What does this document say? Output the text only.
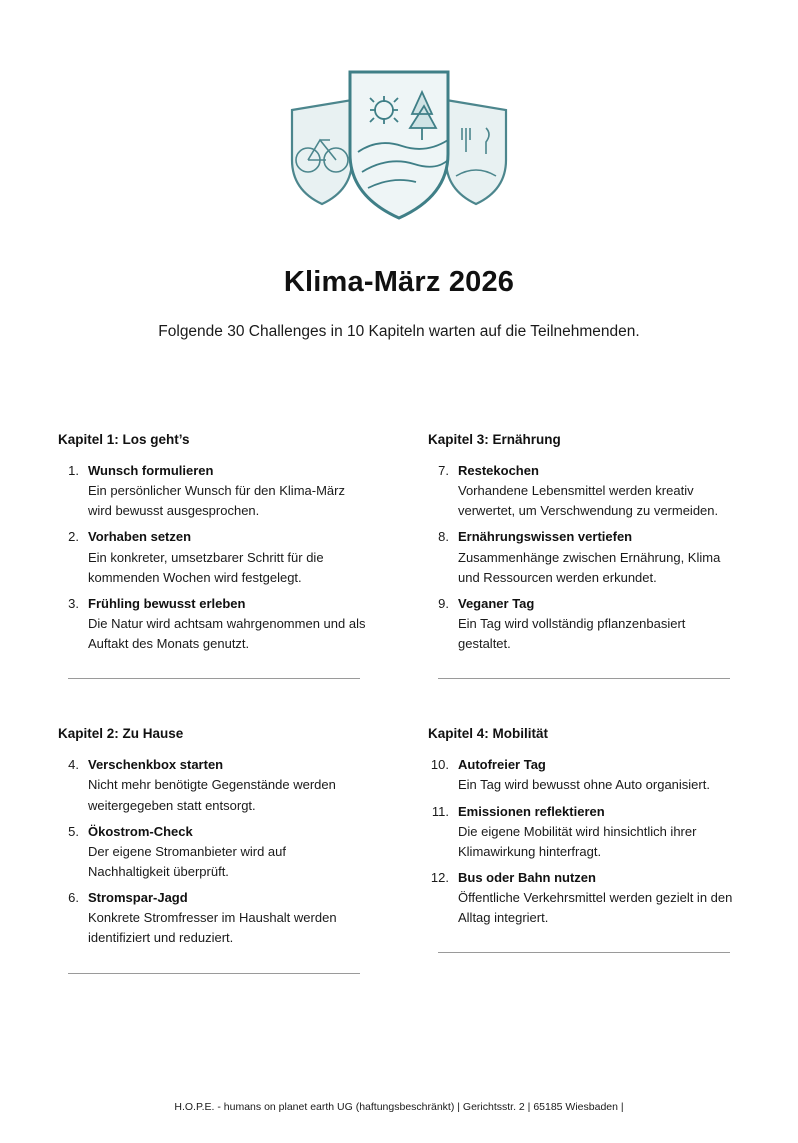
Klima-März 2026
Folgende 30 Challenges in 10 Kapiteln warten auf die Teilnehmenden.
Kapitel 1: Los geht’s
1. Wunsch formulieren
Ein persönlicher Wunsch für den Klima-März wird bewusst ausgesprochen.
2. Vorhaben setzen
Ein konkreter, umsetzbarer Schritt für die kommenden Wochen wird festgelegt.
3. Frühling bewusst erleben
Die Natur wird achtsam wahrgenommen und als Auftakt des Monats genutzt.
Kapitel 2: Zu Hause
4. Verschenkbox starten
Nicht mehr benötigte Gegenstände werden weitergegeben statt entsorgt.
5. Ökostrom-Check
Der eigene Stromanbieter wird auf Nachhaltigkeit überprüft.
6. Stromspar-Jagd
Konkrete Stromfresser im Haushalt werden identifiziert und reduziert.
Kapitel 3: Ernährung
7. Restekochen
Vorhandene Lebensmittel werden kreativ verwertet, um Verschwendung zu vermeiden.
8. Ernährungswissen vertiefen
Zusammenhänge zwischen Ernährung, Klima und Ressourcen werden erkundet.
9. Veganer Tag
Ein Tag wird vollständig pflanzenbasiert gestaltet.
Kapitel 4: Mobilität
10. Autofreier Tag
Ein Tag wird bewusst ohne Auto organisiert.
11. Emissionen reflektieren
Die eigene Mobilität wird hinsichtlich ihrer Klimawirkung hinterfragt.
12. Bus oder Bahn nutzen
Öffentliche Verkehrsmittel werden gezielt in den Alltag integriert.
H.O.P.E. - humans on planet earth UG (haftungsbeschränkt) | Gerichtsstr. 2 | 65185 Wiesbaden |
